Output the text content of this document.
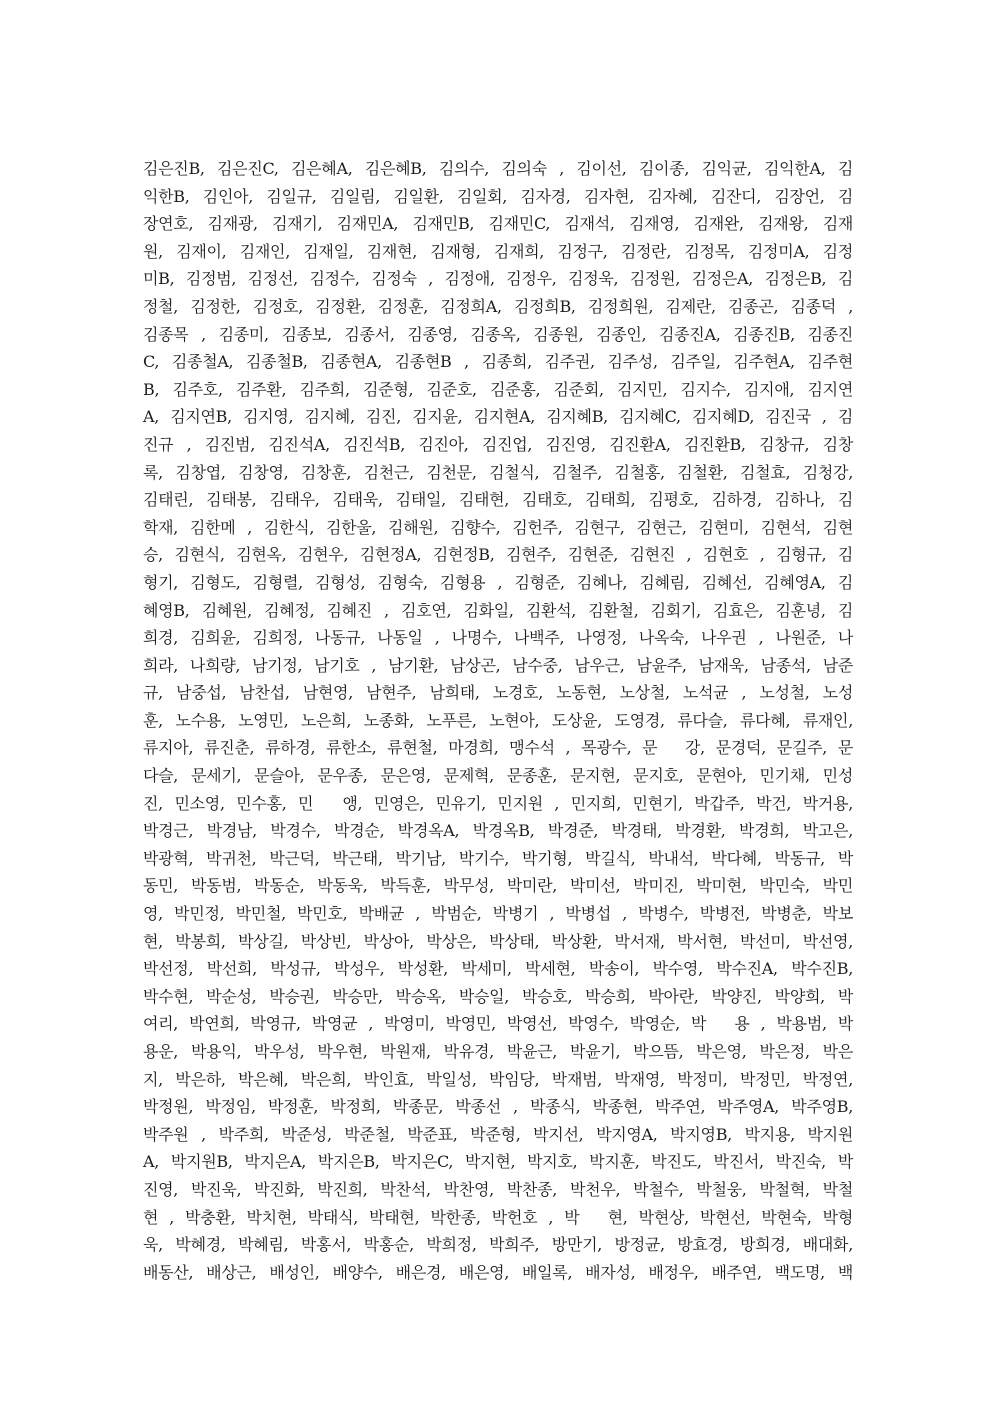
김은진B, 김은진C, 김은혜A, 김은혜B, 김의수, 김의숙 , 김이선, 김이종, 김익균, 김익한A, 김
익한B, 김인아, 김일규, 김일림, 김일환, 김일회, 김자경, 김자현, 김자혜, 김잔디, 김장언, 김
장연호, 김재광, 김재기, 김재민A, 김재민B, 김재민C, 김재석, 김재영, 김재완, 김재왕, 김재
원, 김재이, 김재인, 김재일, 김재현, 김재형, 김재희, 김정구, 김정란, 김정목, 김정미A, 김정
미B, 김정범, 김정선, 김정수, 김정숙 , 김정애, 김정우, 김정욱, 김정원, 김정은A, 김정은B, 김
정철, 김정한, 김정호, 김정환, 김정훈, 김정희A, 김정희B, 김정희원, 김제란, 김종곤, 김종덕 ,
김종목 , 김종미, 김종보, 김종서, 김종영, 김종옥, 김종원, 김종인, 김종진A, 김종진B, 김종진
C, 김종철A, 김종철B, 김종현A, 김종현B , 김종희, 김주권, 김주성, 김주일, 김주현A, 김주현
B, 김주호, 김주환, 김주희, 김준형, 김준호, 김준홍, 김준회, 김지민, 김지수, 김지애, 김지연
A, 김지연B, 김지영, 김지혜, 김진, 김지윤, 김지현A, 김지혜B, 김지혜C, 김지혜D, 김진국 , 김
진규 , 김진범, 김진석A, 김진석B, 김진아, 김진업, 김진영, 김진환A, 김진환B, 김창규, 김창
록, 김창엽, 김창영, 김창훈, 김천근, 김천문, 김철식, 김철주, 김철홍, 김철환, 김철효, 김청강,
김태린, 김태봉, 김태우, 김태욱, 김태일, 김태현, 김태호, 김태희, 김평호, 김하경, 김하나, 김
학재, 김한메 , 김한식, 김한울, 김해원, 김향수, 김헌주, 김현구, 김현근, 김현미, 김현석, 김현
승, 김현식, 김현옥, 김현우, 김현정A, 김현정B, 김현주, 김현준, 김현진 , 김현호 , 김형규, 김
형기, 김형도, 김형렬, 김형성, 김형숙, 김형용 , 김형준, 김혜나, 김혜림, 김혜선, 김혜영A, 김
혜영B, 김혜원, 김혜정, 김혜진 , 김호연, 김화일, 김환석, 김환철, 김회기, 김효은, 김훈녕, 김
희경, 김희윤, 김희정, 나동규, 나동일 , 나명수, 나백주, 나영정, 나옥숙, 나우권 , 나원준, 나
희라, 나희량, 남기정, 남기호 , 남기환, 남상곤, 남수중, 남우근, 남윤주, 남재욱, 남종석, 남준
규, 남중섭, 남찬섭, 남현영, 남현주, 남희태, 노경호, 노동현, 노상철, 노석균 , 노성철, 노성
훈, 노수용, 노영민, 노은희, 노종화, 노푸른, 노현아, 도상윤, 도영경, 류다슬, 류다혜, 류재인,
류지아, 류진춘, 류하경, 류한소, 류현철, 마경희, 맹수석 , 목광수, 문　강, 문경덕, 문길주, 문
다슬, 문세기, 문슬아, 문우종, 문은영, 문제혁, 문종훈, 문지현, 문지호, 문현아, 민기채, 민성
진, 민소영, 민수홍, 민　앵, 민영은, 민유기, 민지원 , 민지희, 민현기, 박갑주, 박건, 박거용,
박경근, 박경남, 박경수, 박경순, 박경옥A, 박경옥B, 박경준, 박경태, 박경환, 박경희, 박고은,
박광혁, 박귀천, 박근덕, 박근태, 박기남, 박기수, 박기형, 박길식, 박내석, 박다혜, 박동규, 박
동민, 박동범, 박동순, 박동욱, 박득훈, 박무성, 박미란, 박미선, 박미진, 박미현, 박민숙, 박민
영, 박민정, 박민철, 박민호, 박배균 , 박범순, 박병기 , 박병섭 , 박병수, 박병전, 박병춘, 박보
현, 박봉희, 박상길, 박상빈, 박상아, 박상은, 박상태, 박상환, 박서재, 박서현, 박선미, 박선영,
박선정, 박선희, 박성규, 박성우, 박성환, 박세미, 박세현, 박송이, 박수영, 박수진A, 박수진B,
박수현, 박순성, 박승권, 박승만, 박승옥, 박승일, 박승호, 박승희, 박아란, 박양진, 박양희, 박
여리, 박연희, 박영규, 박영균 , 박영미, 박영민, 박영선, 박영수, 박영순, 박　용 , 박용범, 박
용운, 박용익, 박우성, 박우현, 박원재, 박유경, 박윤근, 박윤기, 박으뜸, 박은영, 박은정, 박은
지, 박은하, 박은혜, 박은희, 박인효, 박일성, 박임당, 박재범, 박재영, 박정미, 박정민, 박정연,
박정원, 박정임, 박정훈, 박정희, 박종문, 박종선 , 박종식, 박종현, 박주연, 박주영A, 박주영B,
박주원 , 박주희, 박준성, 박준철, 박준표, 박준형, 박지선, 박지영A, 박지영B, 박지용, 박지원
A, 박지원B, 박지은A, 박지은B, 박지은C, 박지현, 박지호, 박지훈, 박진도, 박진서, 박진숙, 박
진영, 박진욱, 박진화, 박진희, 박찬석, 박찬영, 박찬종, 박천우, 박철수, 박철웅, 박철혁, 박철
현 , 박충환, 박치현, 박태식, 박태현, 박한종, 박헌호 , 박　현, 박현상, 박현선, 박현숙, 박형
욱, 박혜경, 박혜림, 박홍서, 박홍순, 박희정, 박희주, 방만기, 방정균, 방효경, 방희경, 배대화,
배동산, 배상근, 배성인, 배양수, 배은경, 배은영, 배일록, 배자성, 배정우, 배주연, 백도명, 백
